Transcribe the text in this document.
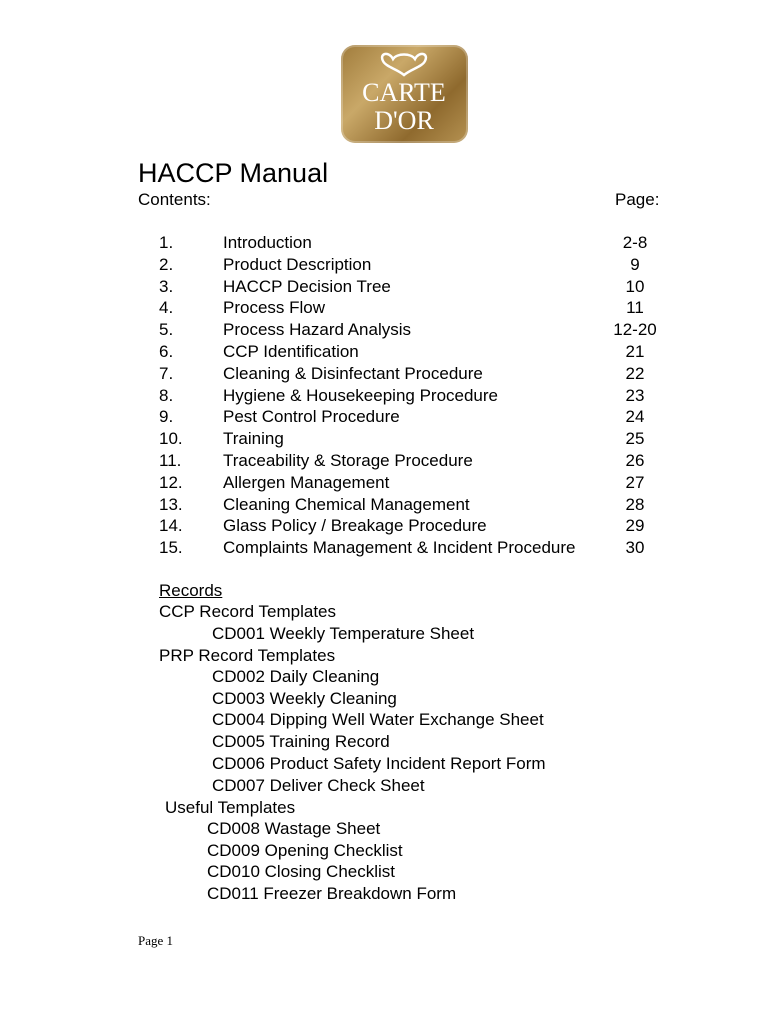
CARTE
D'OR
HACCP Manual
Contents:	Page:
1.	Introduction	2-8
2.	Product Description	9
3.	HACCP Decision Tree	10
4.	Process Flow	11
5.	Process Hazard Analysis	12-20
6.	CCP Identification	21
7.	Cleaning & Disinfectant Procedure	22
8.	Hygiene & Housekeeping Procedure	23
9.	Pest Control Procedure	24
10. Training	25
11. Traceability & Storage Procedure	26
12. Allergen Management	27
13. Cleaning Chemical Management	28
14. Glass Policy / Breakage Procedure	29
15. Complaints Management & Incident Procedure	30
Records
CCP Record Templates
CD001 Weekly Temperature Sheet
PRP Record Templates
CD002 Daily Cleaning
CD003 Weekly Cleaning
CD004 Dipping Well Water Exchange Sheet
CD005 Training Record
CD006 Product Safety Incident Report Form
CD007 Deliver Check Sheet
Useful Templates
CD008 Wastage Sheet
CD009 Opening Checklist
CD010 Closing Checklist
CD011 Freezer Breakdown Form
Page 1
